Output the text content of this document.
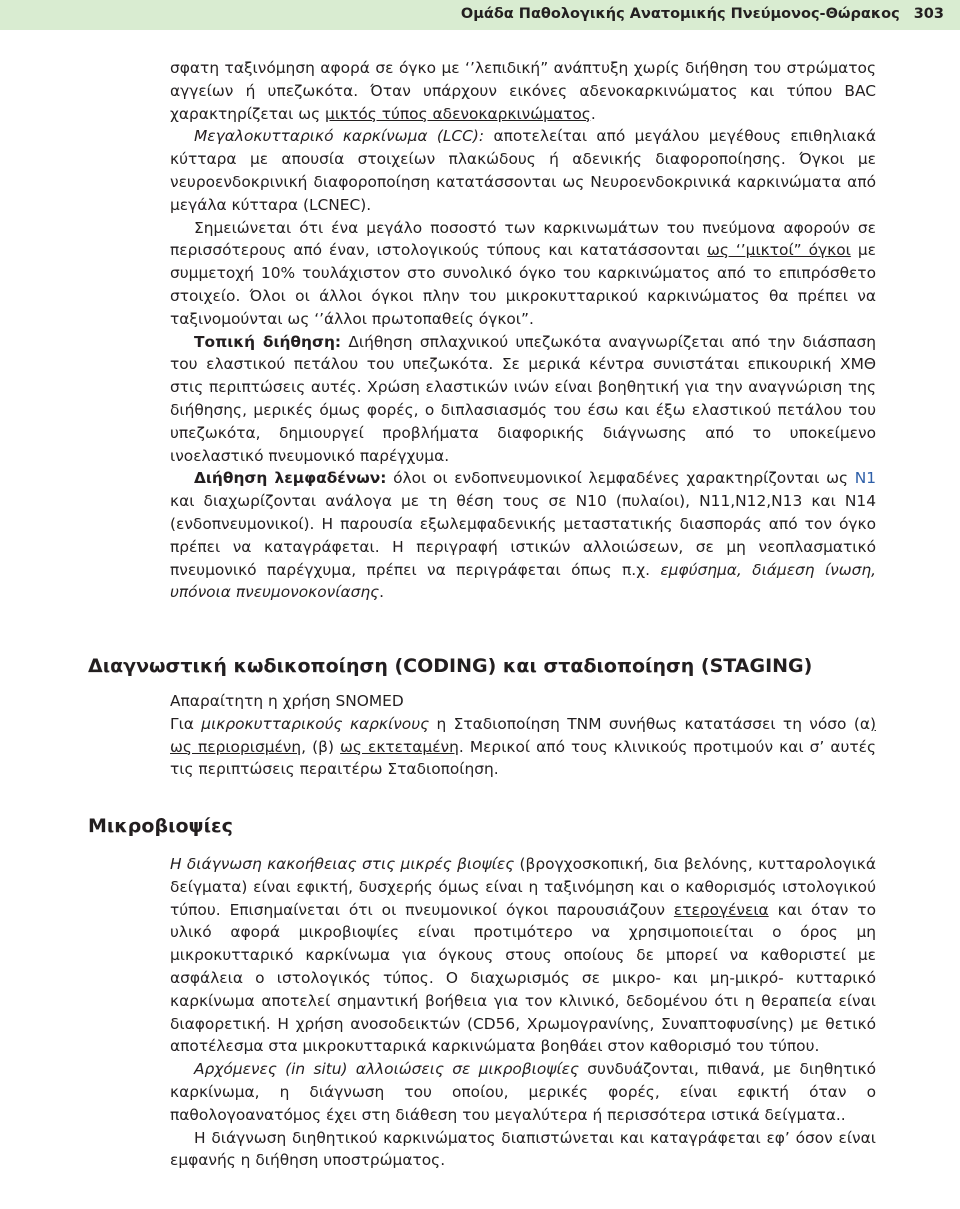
Ομάδα Παθολογικής Ανατομικής Πνεύμονος-Θώρακος 303

σφατη ταξινόμηση αφορά σε όγκο με ‘’λεπιδική” ανάπτυξη χωρίς διήθηση του στρώματος αγγείων ή υπεζωκότα. Όταν υπάρχουν εικόνες αδενοκαρκινώματος και τύπου BAC χαρακτηρίζεται ως μικτός τύπος αδενοκαρκινώματος.

Μεγαλοκυτταρικό καρκίνωμα (LCC): αποτελείται από μεγάλου μεγέθους επιθηλιακά κύτταρα με απουσία στοιχείων πλακώδους ή αδενικής διαφοροποίησης. Όγκοι με νευροενδοκρινική διαφοροποίηση κατατάσσονται ως Νευροενδοκρινικά καρκινώματα από μεγάλα κύτταρα (LCNEC).

Σημειώνεται ότι ένα μεγάλο ποσοστό των καρκινωμάτων του πνεύμονα αφορούν σε περισσότερους από έναν, ιστολογικούς τύπους και κατατάσσονται ως ‘’μικτοί” όγκοι με συμμετοχή 10% τουλάχιστον στο συνολικό όγκο του καρκινώματος από το επιπρόσθετο στοιχείο. Όλοι οι άλλοι όγκοι πλην του μικροκυτταρικού καρκινώματος θα πρέπει να ταξινομούνται ως ‘’άλλοι πρωτοπαθείς όγκοι”.

Τοπική διήθηση: Διήθηση σπλαχνικού υπεζωκότα αναγνωρίζεται από την διάσπαση του ελαστικού πετάλου του υπεζωκότα. Σε μερικά κέντρα συνιστάται επικουρική ΧΜΘ στις περιπτώσεις αυτές. Χρώση ελαστικών ινών είναι βοηθητική για την αναγνώριση της διήθησης, μερικές όμως φορές, ο διπλασιασμός του έσω και έξω ελαστικού πετάλου του υπεζωκότα, δημιουργεί προβλήματα διαφορικής διάγνωσης από το υποκείμενο ινοελαστικό πνευμονικό παρέγχυμα.

Διήθηση λεμφαδένων: όλοι οι ενδοπνευμονικοί λεμφαδένες χαρακτηρίζονται ως N1 και διαχωρίζονται ανάλογα με τη θέση τους σε N10 (πυλαίοι), N11,N12,N13 και N14 (ενδοπνευμονικοί). Η παρουσία εξωλεμφαδενικής μεταστατικής διασποράς από τον όγκο πρέπει να καταγράφεται. Η περιγραφή ιστικών αλλοιώσεων, σε μη νεοπλασματικό πνευμονικό παρέγχυμα, πρέπει να περιγράφεται όπως π.χ. εμφύσημα, διάμεση ίνωση, υπόνοια πνευμονοκονίασης.

Διαγνωστική κωδικοποίηση (CODING) και σταδιοποίηση (STAGING)

Απαραίτητη η χρήση SNOMED

Για μικροκυτταρικούς καρκίνους η Σταδιοποίηση TNM συνήθως κατατάσσει τη νόσο (α) ως περιορισμένη, (β) ως εκτεταμένη. Μερικοί από τους κλινικούς προτιμούν και σ’ αυτές τις περιπτώσεις περαιτέρω Σταδιοποίηση.

Μικροβιοψίες

Η διάγνωση κακοήθειας στις μικρές βιοψίες (βρογχοσκοπική, δια βελόνης, κυτταρολογικά δείγματα) είναι εφικτή, δυσχερής όμως είναι η ταξινόμηση και ο καθορισμός ιστολογικού τύπου. Επισημαίνεται ότι οι πνευμονικοί όγκοι παρουσιάζουν ετερογένεια και όταν το υλικό αφορά μικροβιοψίες είναι προτιμότερο να χρησιμοποιείται ο όρος μη μικροκυτταρικό καρκίνωμα για όγκους στους οποίους δε μπορεί να καθοριστεί με ασφάλεια ο ιστολογικός τύπος. Ο διαχωρισμός σε μικρο- και μη-μικρό- κυτταρικό καρκίνωμα αποτελεί σημαντική βοήθεια για τον κλινικό, δεδομένου ότι η θεραπεία είναι διαφορετική. Η χρήση ανοσοδεικτών (CD56, Χρωμογρανίνης, Συναπτοφυσίνης) με θετικό αποτέλεσμα στα μικροκυτταρικά καρκινώματα βοηθάει στον καθορισμό του τύπου.

Αρχόμενες (in situ) αλλοιώσεις σε μικροβιοψίες συνδυάζονται, πιθανά, με διηθητικό καρκίνωμα, η διάγνωση του οποίου, μερικές φορές, είναι εφικτή όταν ο παθολογοανατόμος έχει στη διάθεση του μεγαλύτερα ή περισσότερα ιστικά δείγματα..

Η διάγνωση διηθητικού καρκινώματος διαπιστώνεται και καταγράφεται εφ’ όσον είναι εμφανής η διήθηση υποστρώματος.
